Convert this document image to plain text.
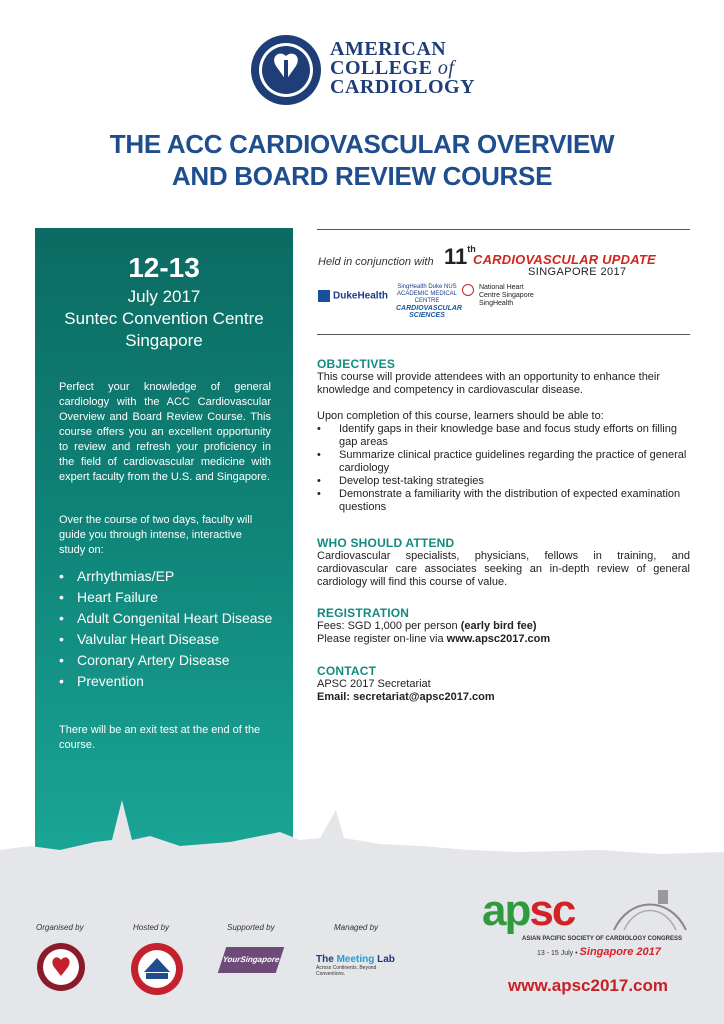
AMERICAN
COLLEGE of
CARDIOLOGY
THE ACC CARDIOVASCULAR OVERVIEW
AND BOARD REVIEW COURSE
12-13
July 2017
Suntec Convention Centre
Singapore

Perfect your knowledge of general cardiology with the ACC Cardiovascular Overview and Board Review Course. This course offers you an excellent opportunity to review and refresh your proficiency in the field of cardiovascular medicine with expert faculty from the U.S. and Singapore.

Over the course of two days, faculty will guide you through intense, interactive study on:

• Arrhythmias/EP
• Heart Failure
• Adult Congenital Heart Disease
• Valvular Heart Disease
• Coronary Artery Disease
• Prevention

There will be an exit test at the end of the course.

Held in conjunction with 11th
CARDIOVASCULAR UPDATE
SINGAPORE 2017
DukeHealth
SingHealth Duke NUS ACADEMIC MEDICAL CENTRE
CARDIOVASCULAR SCIENCES
National Heart Centre Singapore
SingHealth
OBJECTIVES

This course will provide attendees with an opportunity to enhance their knowledge and competency in cardiovascular disease.

Upon completion of this course, learners should be able to:

• Identify gaps in their knowledge base and focus study efforts on filling gap areas
• Summarize clinical practice guidelines regarding the practice of general cardiology
• Develop test-taking strategies
• Demonstrate a familiarity with the distribution of expected examination questions
WHO SHOULD ATTEND

Cardiovascular specialists, physicians, fellows in training, and cardiovascular care associates seeking an in-depth review of general cardiology will find this course of value.

REGISTRATION

Fees: SGD 1,000 per person (early bird fee)

Please register on-line via www.apsc2017.com

CONTACT

APSC 2017 Secretariat

Email: secretariat@apsc2017.com

Organised by	Hosted by	Supported by	Managed by
YourSingapore	The Meeting Lab
Across Continents. Beyond Conventions.
apsc
ASIAN PACIFIC SOCIETY OF CARDIOLOGY CONGRESS
13 - 15 July • Singapore 2017
www.apsc2017.com
